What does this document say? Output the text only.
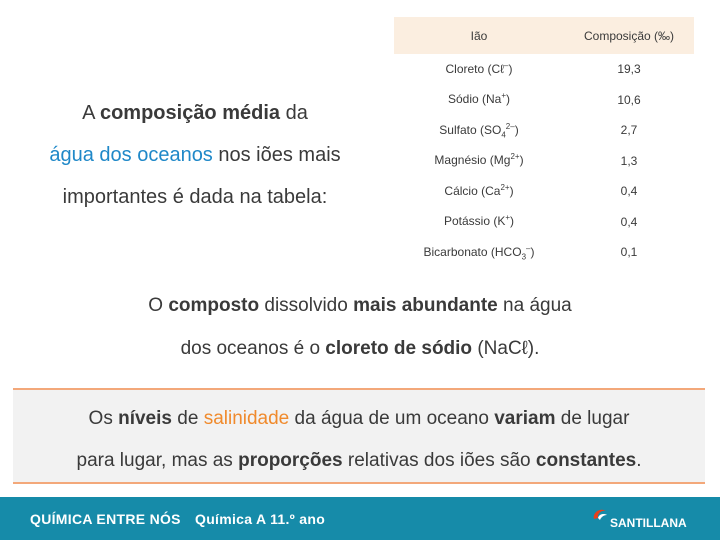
A composição média da
água dos oceanos nos iões mais
importantes é dada na tabela:
Ião	Composição (‰)
Cloreto (Cℓ–)	19,3
Sódio (Na+)	10,6
Sulfato $(SO_4^{2-})$	2,7
Magnésio $(Mg^{2+})$	1,3
Cálcio $(Ca^{2+})$	0,4
Potássio (K+)	0,4
Bicarbonato $(HCO_3^-)$	0,1
O composto dissolvido mais abundante na água
dos oceanos é o cloreto de sódio (NaCℓ).
Os níveis de salinidade da água de um oceano variam de lugar
para lugar, mas as proporções relativas dos iões são constantes.
QUÍMICA ENTRE NÓS Química A 11.º ano	SANTILLANA
